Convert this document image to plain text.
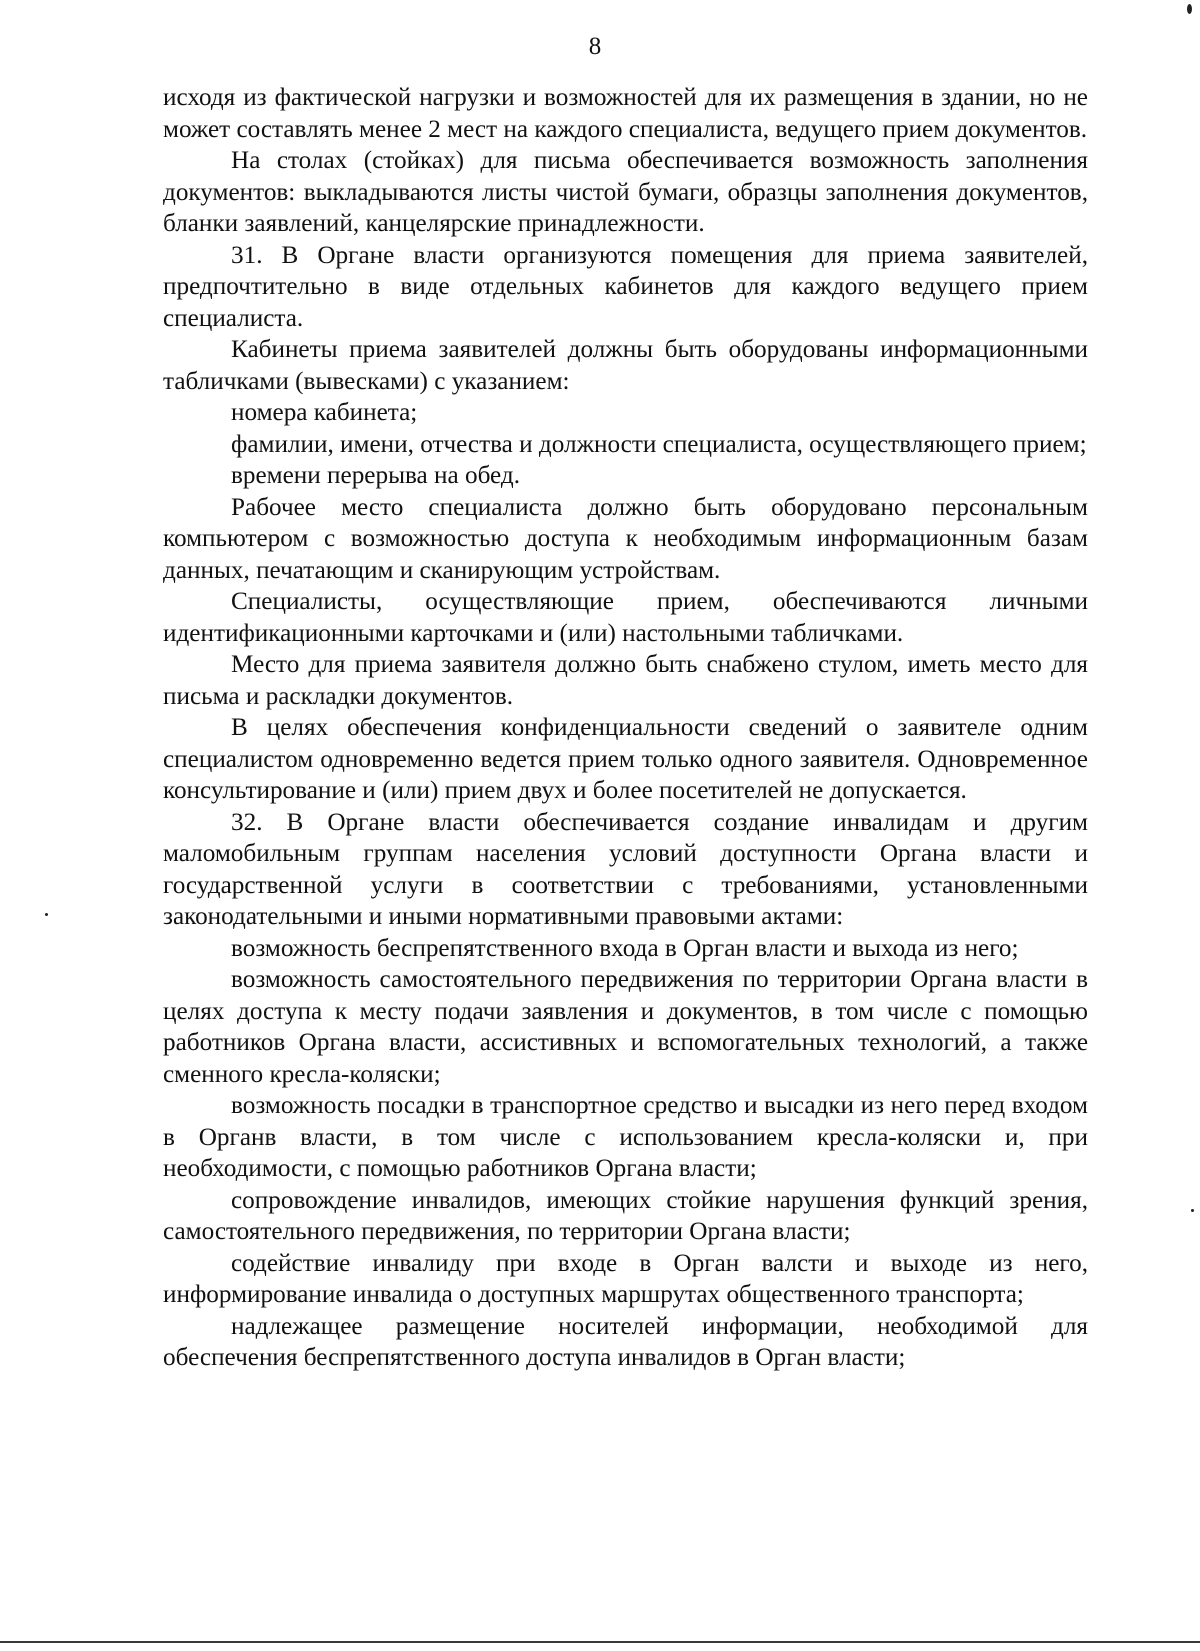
8

исходя из фактической нагрузки и возможностей для их размещения в здании, но не может составлять менее 2 мест на каждого специалиста, ведущего прием документов.

На столах (стойках) для письма обеспечивается возможность заполнения документов: выкладываются листы чистой бумаги, образцы заполнения документов, бланки заявлений, канцелярские принадлежности.

31. В Органе власти организуются помещения для приема заявителей, предпочтительно в виде отдельных кабинетов для каждого ведущего прием специалиста.

Кабинеты приема заявителей должны быть оборудованы информационными табличками (вывесками) с указанием:

номера кабинета;

фамилии, имени, отчества и должности специалиста, осуществляющего прием;

времени перерыва на обед.

Рабочее место специалиста должно быть оборудовано персональным компьютером с возможностью доступа к необходимым информационным базам данных, печатающим и сканирующим устройствам.

Специалисты, осуществляющие прием, обеспечиваются личными идентификационными карточками и (или) настольными табличками.

Место для приема заявителя должно быть снабжено стулом, иметь место для письма и раскладки документов.

В целях обеспечения конфиденциальности сведений о заявителе одним специалистом одновременно ведется прием только одного заявителя. Одновременное консультирование и (или) прием двух и более посетителей не допускается.

32. В Органе власти обеспечивается создание инвалидам и другим маломобильным группам населения условий доступности Органа власти и государственной услуги в соответствии с требованиями, установленными законодательными и иными нормативными правовыми актами:

возможность беспрепятственного входа в Орган власти и выхода из него;

возможность самостоятельного передвижения по территории Органа власти в целях доступа к месту подачи заявления и документов, в том числе с помощью работников Органа власти, ассистивных и вспомогательных технологий, а также сменного кресла-коляски;

возможность посадки в транспортное средство и высадки из него перед входом в Органв власти, в том числе с использованием кресла-коляски и, при необходимости, с помощью работников Органа власти;

сопровождение инвалидов, имеющих стойкие нарушения функций зрения, самостоятельного передвижения, по территории Органа власти;

содействие инвалиду при входе в Орган валсти и выходе из него, информирование инвалида о доступных маршрутах общественного транспорта;

надлежащее размещение носителей информации, необходимой для обеспечения беспрепятственного доступа инвалидов в Орган власти;
